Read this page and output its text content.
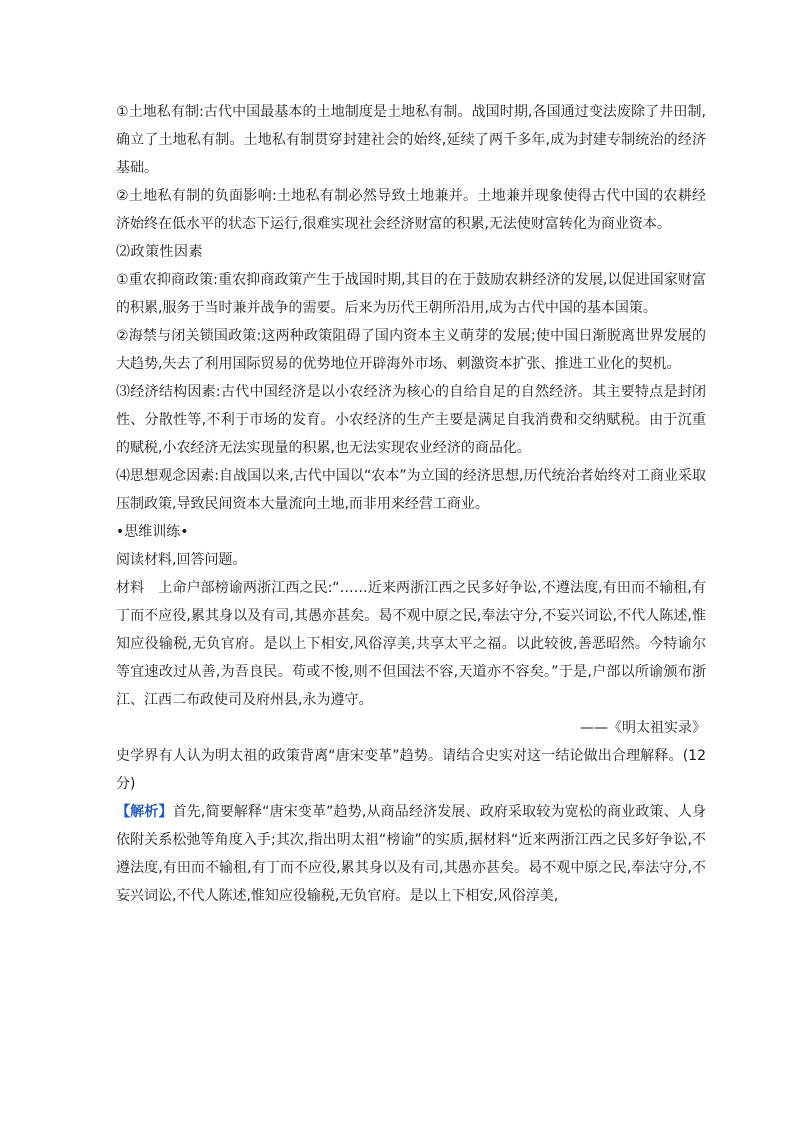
①土地私有制:古代中国最基本的土地制度是土地私有制。战国时期,各国通过变法废除了井田制,确立了土地私有制。土地私有制贯穿封建社会的始终,延续了两千多年,成为封建专制统治的经济基础。

②土地私有制的负面影响:土地私有制必然导致土地兼并。土地兼并现象使得古代中国的农耕经济始终在低水平的状态下运行,很难实现社会经济财富的积累,无法使财富转化为商业资本。

⑵政策性因素

①重农抑商政策:重农抑商政策产生于战国时期,其目的在于鼓励农耕经济的发展,以促进国家财富的积累,服务于当时兼并战争的需要。后来为历代王朝所沿用,成为古代中国的基本国策。

②海禁与闭关锁国政策:这两种政策阻碍了国内资本主义萌芽的发展;使中国日渐脱离世界发展的大趋势,失去了利用国际贸易的优势地位开辟海外市场、刺激资本扩张、推进工业化的契机。

⑶经济结构因素:古代中国经济是以小农经济为核心的自给自足的自然经济。其主要特点是封闭性、分散性等,不利于市场的发育。小农经济的生产主要是满足自我消费和交纳赋税。由于沉重的赋税,小农经济无法实现量的积累,也无法实现农业经济的商品化。

⑷思想观念因素:自战国以来,古代中国以“农本”为立国的经济思想,历代统治者始终对工商业采取压制政策,导致民间资本大量流向土地,而非用来经营工商业。

•思维训练•

阅读材料,回答问题。

材料　上命户部榜谕两浙江西之民:“……近来两浙江西之民多好争讼,不遵法度,有田而不输租,有丁而不应役,累其身以及有司,其愚亦甚矣。曷不观中原之民,奉法守分,不妄兴词讼,不代人陈述,惟知应役输税,无负官府。是以上下相安,风俗淳美,共享太平之福。以此较彼,善恶昭然。今特谕尔等宜速改过从善,为吾良民。苟或不悛,则不但国法不容,天道亦不容矣。”于是,户部以所谕颁布浙江、江西二布政使司及府州县,永为遵守。

——《明太祖实录》

史学界有人认为明太祖的政策背离“唐宋变革”趋势。请结合史实对这一结论做出合理解释。(12分)

【解析】首先,简要解释“唐宋变革”趋势,从商品经济发展、政府采取较为宽松的商业政策、人身依附关系松弛等角度入手;其次,指出明太祖“榜谕”的实质,据材料“近来两浙江西之民多好争讼,不遵法度,有田而不输租,有丁而不应役,累其身以及有司,其愚亦甚矣。曷不观中原之民,奉法守分,不妄兴词讼,不代人陈述,惟知应役输税,无负官府。是以上下相安,风俗淳美,
